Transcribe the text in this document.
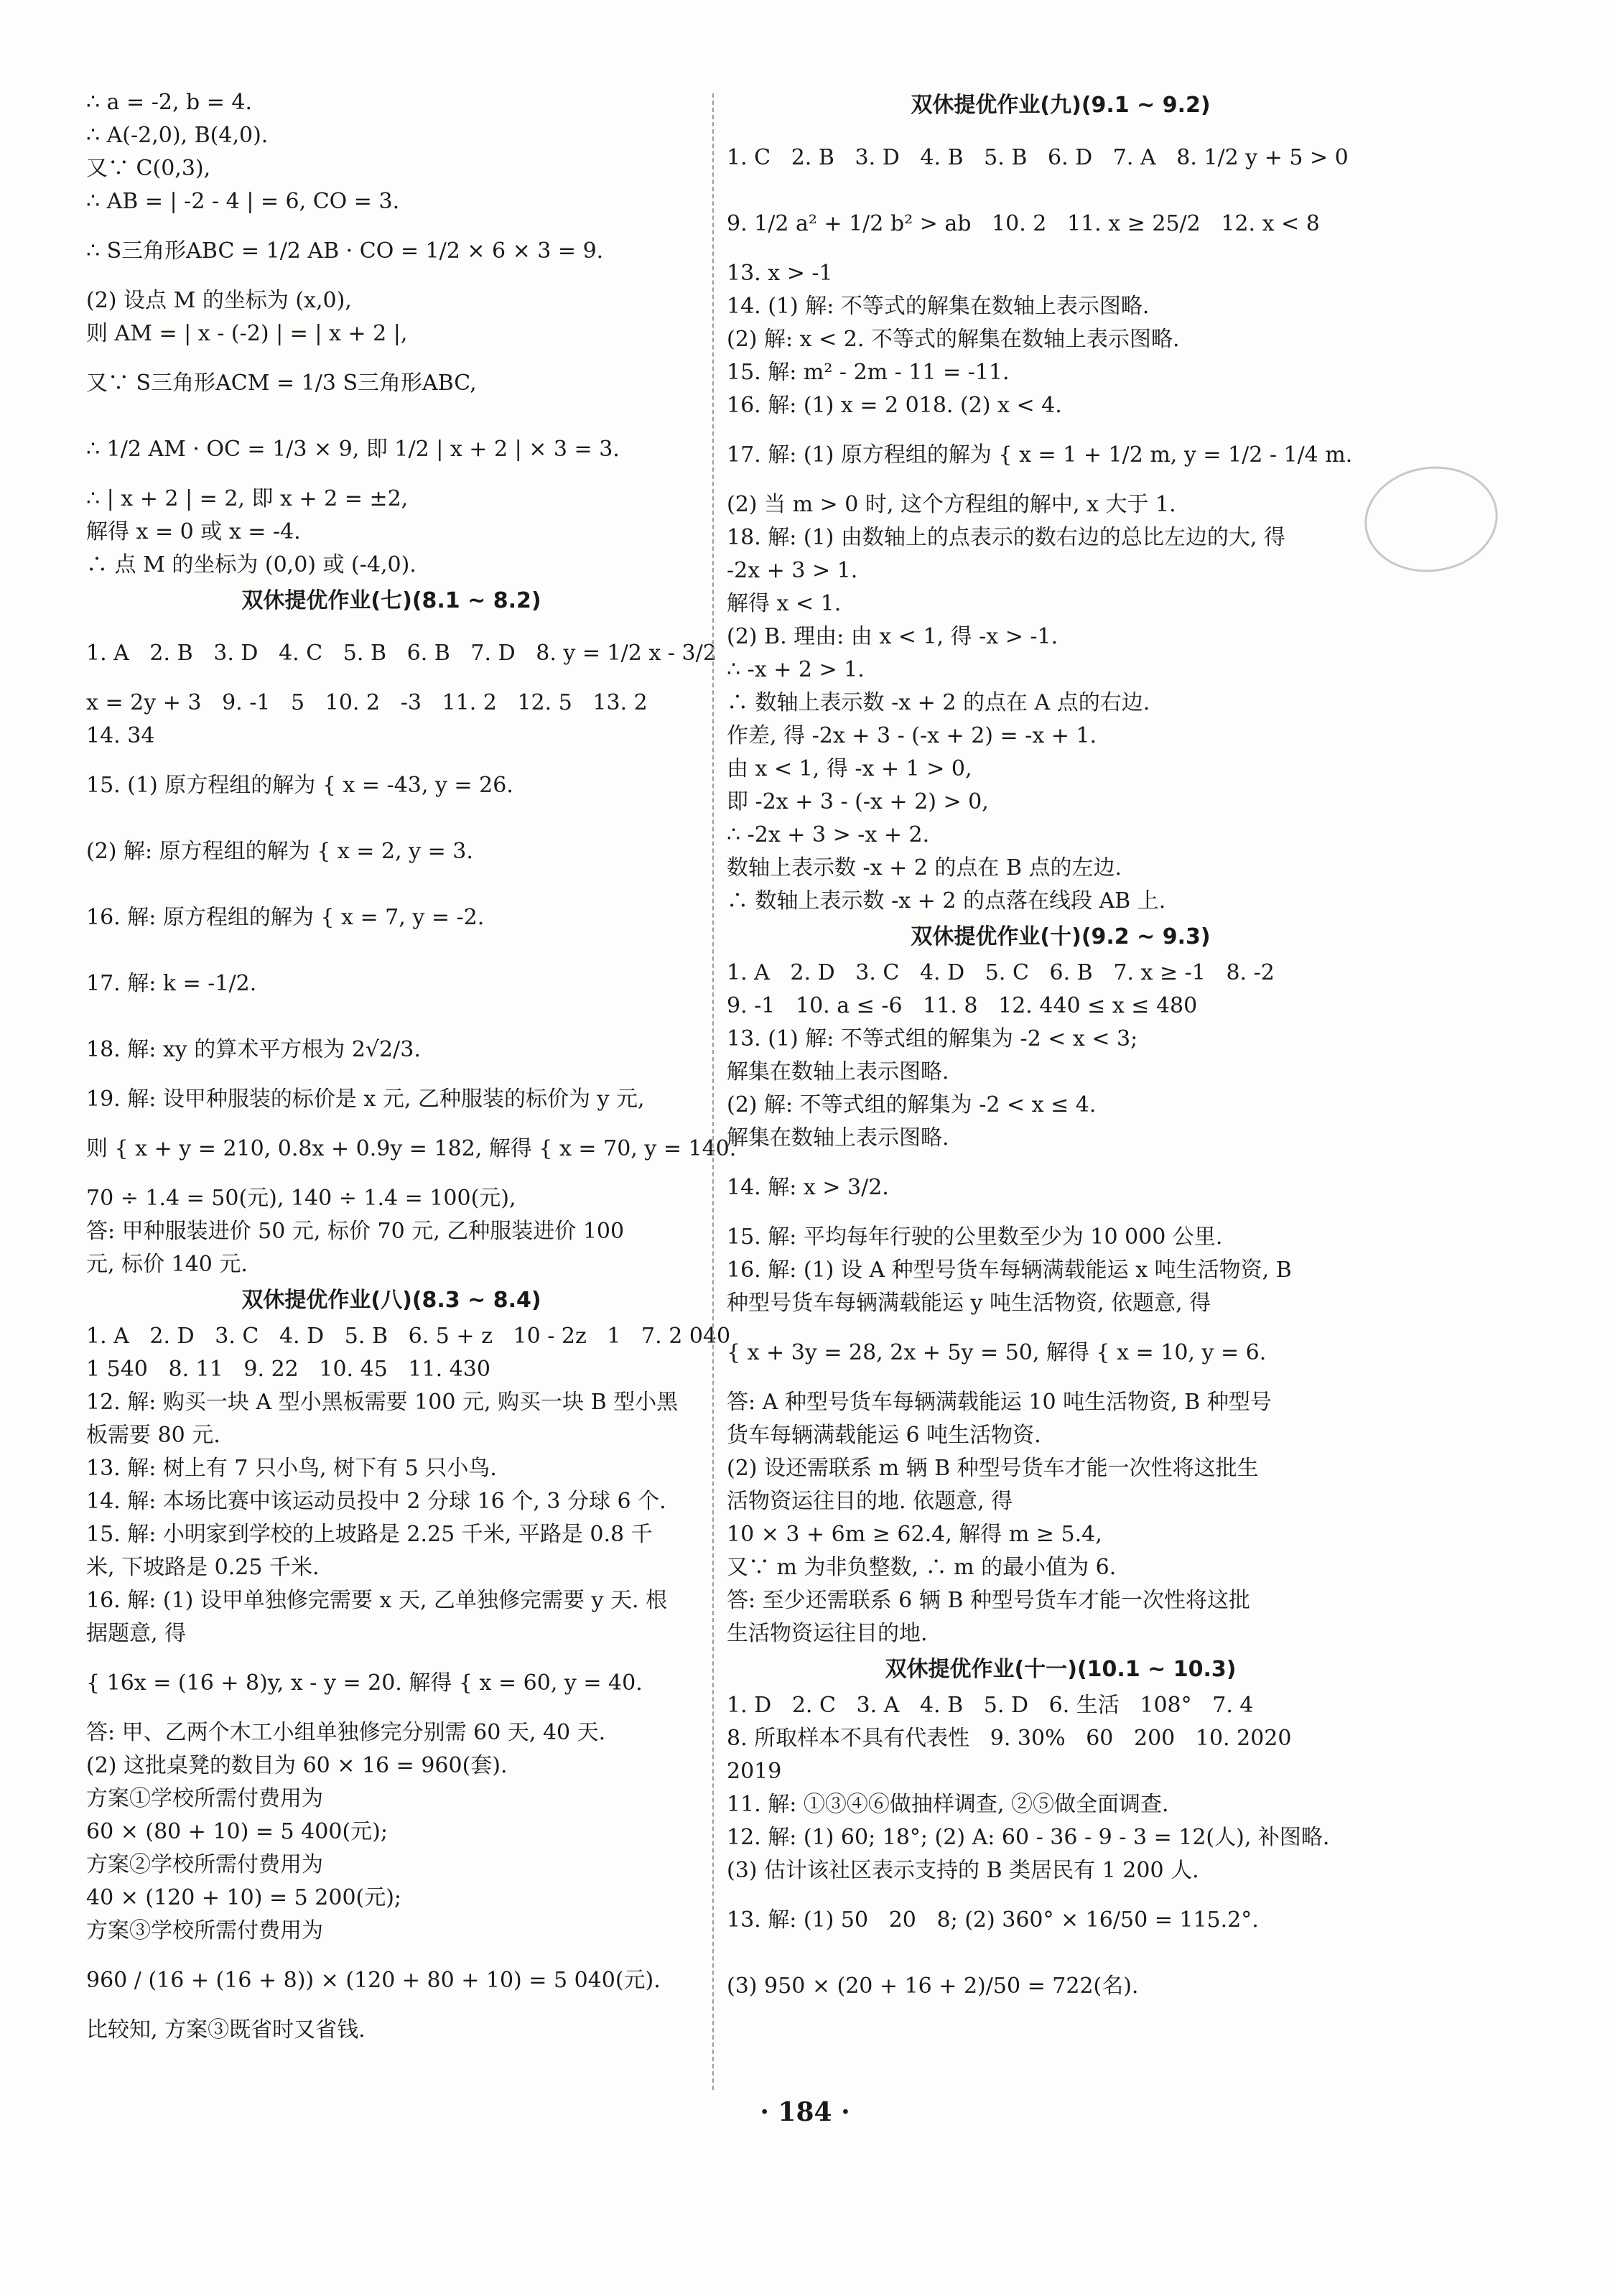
∴ a = -2, b = 4.
∴ A(-2,0), B(4,0).
又∵ C(0,3),
∴ AB = | -2 - 4 | = 6, CO = 3.
∴ S三角形ABC = 1/2 AB · CO = 1/2 × 6 × 3 = 9.
(2) 设点 M 的坐标为 (x,0),
则 AM = | x - (-2) | = | x + 2 |,
又∵ S三角形ACM = 1/3 S三角形ABC,
∴ 1/2 AM · OC = 1/3 × 9, 即 1/2 | x + 2 | × 3 = 3.
∴ | x + 2 | = 2, 即 x + 2 = ±2,
解得 x = 0 或 x = -4.
∴ 点 M 的坐标为 (0,0) 或 (-4,0).
双休提优作业(七)(8.1 ~ 8.2)
1. A   2. B   3. D   4. C   5. B   6. B   7. D   8. y = 1/2 x - 3/2
x = 2y + 3   9. -1   5   10. 2   -3   11. 2   12. 5   13. 2
14. 34
15. (1) 原方程组的解为 { x = -43, y = 26.
(2) 解: 原方程组的解为 { x = 2, y = 3.
16. 解: 原方程组的解为 { x = 7, y = -2.
17. 解: k = -1/2.
18. 解: xy 的算术平方根为 2√2/3.
19. 解: 设甲种服装的标价是 x 元, 乙种服装的标价为 y 元,
则 { x + y = 210, 0.8x + 0.9y = 182, 解得 { x = 70, y = 140.
70 ÷ 1.4 = 50(元), 140 ÷ 1.4 = 100(元),
答: 甲种服装进价 50 元, 标价 70 元, 乙种服装进价 100
元, 标价 140 元.
双休提优作业(八)(8.3 ~ 8.4)
1. A   2. D   3. C   4. D   5. B   6. 5 + z   10 - 2z   1   7. 2 040
1 540   8. 11   9. 22   10. 45   11. 430
12. 解: 购买一块 A 型小黑板需要 100 元, 购买一块 B 型小黑
板需要 80 元.
13. 解: 树上有 7 只小鸟, 树下有 5 只小鸟.
14. 解: 本场比赛中该运动员投中 2 分球 16 个, 3 分球 6 个.
15. 解: 小明家到学校的上坡路是 2.25 千米, 平路是 0.8 千
米, 下坡路是 0.25 千米.
16. 解: (1) 设甲单独修完需要 x 天, 乙单独修完需要 y 天. 根
据题意, 得
{ 16x = (16 + 8)y, x - y = 20. 解得 { x = 60, y = 40.
答: 甲、乙两个木工小组单独修完分别需 60 天, 40 天.
(2) 这批桌凳的数目为 60 × 16 = 960(套).
方案①学校所需付费用为
60 × (80 + 10) = 5 400(元);
方案②学校所需付费用为
40 × (120 + 10) = 5 200(元);
方案③学校所需付费用为
960 / (16 + (16 + 8)) × (120 + 80 + 10) = 5 040(元).
比较知, 方案③既省时又省钱.
双休提优作业(九)(9.1 ~ 9.2)
1. C   2. B   3. D   4. B   5. B   6. D   7. A   8. 1/2 y + 5 > 0
9. 1/2 a² + 1/2 b² > ab   10. 2   11. x ≥ 25/2   12. x < 8
13. x > -1
14. (1) 解: 不等式的解集在数轴上表示图略.
(2) 解: x < 2. 不等式的解集在数轴上表示图略.
15. 解: m² - 2m - 11 = -11.
16. 解: (1) x = 2 018. (2) x < 4.
17. 解: (1) 原方程组的解为 { x = 1 + 1/2 m, y = 1/2 - 1/4 m.
(2) 当 m > 0 时, 这个方程组的解中, x 大于 1.
18. 解: (1) 由数轴上的点表示的数右边的总比左边的大, 得
-2x + 3 > 1.
解得 x < 1.
(2) B. 理由: 由 x < 1, 得 -x > -1.
∴ -x + 2 > 1.
∴ 数轴上表示数 -x + 2 的点在 A 点的右边.
作差, 得 -2x + 3 - (-x + 2) = -x + 1.
由 x < 1, 得 -x + 1 > 0,
即 -2x + 3 - (-x + 2) > 0,
∴ -2x + 3 > -x + 2.
数轴上表示数 -x + 2 的点在 B 点的左边.
∴ 数轴上表示数 -x + 2 的点落在线段 AB 上.
双休提优作业(十)(9.2 ~ 9.3)
1. A   2. D   3. C   4. D   5. C   6. B   7. x ≥ -1   8. -2
9. -1   10. a ≤ -6   11. 8   12. 440 ≤ x ≤ 480
13. (1) 解: 不等式组的解集为 -2 < x < 3;
解集在数轴上表示图略.
(2) 解: 不等式组的解集为 -2 < x ≤ 4.
解集在数轴上表示图略.
14. 解: x > 3/2.
15. 解: 平均每年行驶的公里数至少为 10 000 公里.
16. 解: (1) 设 A 种型号货车每辆满载能运 x 吨生活物资, B
种型号货车每辆满载能运 y 吨生活物资, 依题意, 得
{ x + 3y = 28, 2x + 5y = 50, 解得 { x = 10, y = 6.
答: A 种型号货车每辆满载能运 10 吨生活物资, B 种型号
货车每辆满载能运 6 吨生活物资.
(2) 设还需联系 m 辆 B 种型号货车才能一次性将这批生
活物资运往目的地. 依题意, 得
10 × 3 + 6m ≥ 62.4, 解得 m ≥ 5.4,
又∵ m 为非负整数, ∴ m 的最小值为 6.
答: 至少还需联系 6 辆 B 种型号货车才能一次性将这批
生活物资运往目的地.
双休提优作业(十一)(10.1 ~ 10.3)
1. D   2. C   3. A   4. B   5. D   6. 生活   108°   7. 4
8. 所取样本不具有代表性   9. 30%   60   200   10. 2020
2019
11. 解: ①③④⑥做抽样调查, ②⑤做全面调查.
12. 解: (1) 60; 18°; (2) A: 60 - 36 - 9 - 3 = 12(人), 补图略.
(3) 估计该社区表示支持的 B 类居民有 1 200 人.
13. 解: (1) 50   20   8; (2) 360° × 16/50 = 115.2°.
(3) 950 × (20 + 16 + 2)/50 = 722(名).
· 184 ·
